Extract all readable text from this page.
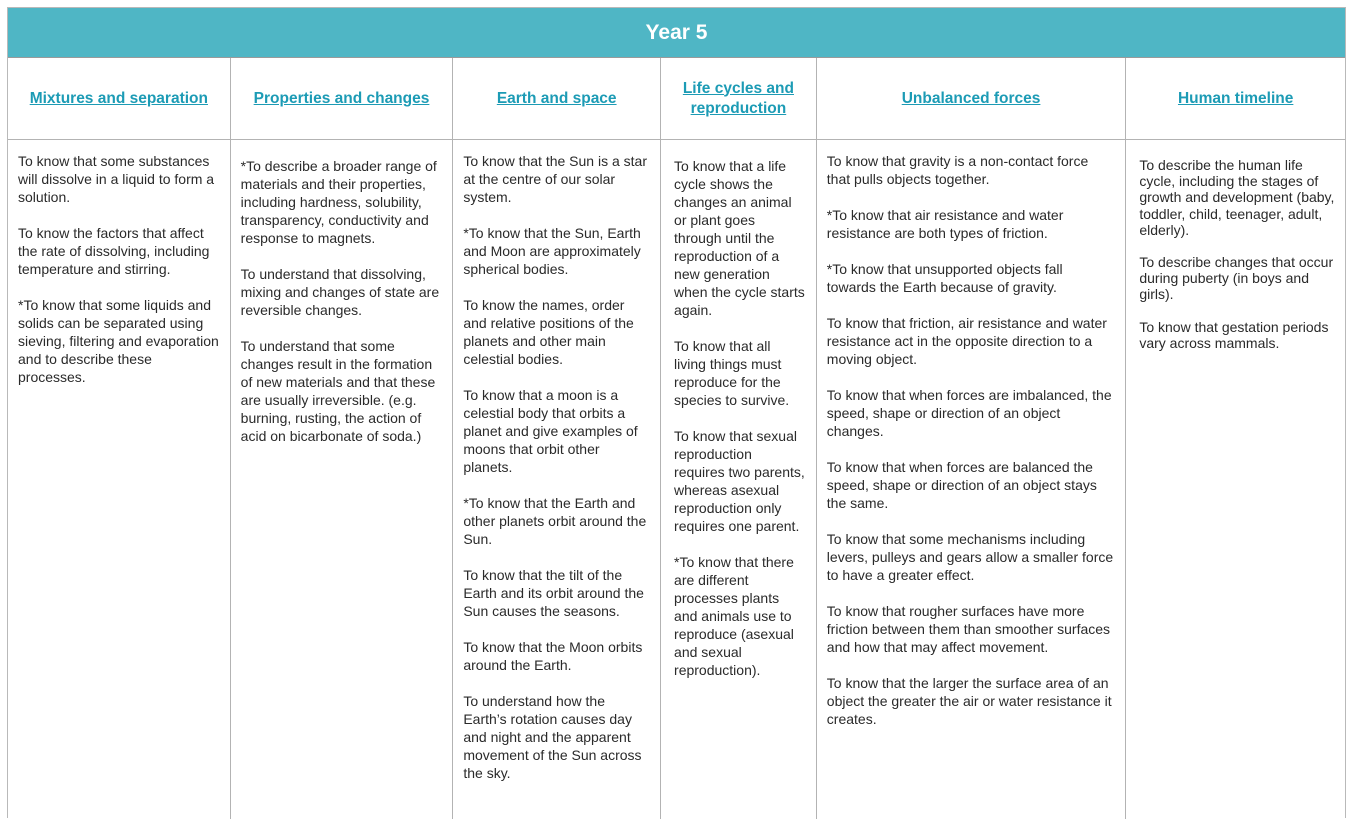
Year 5
Mixtures and separation

To know that some substances will dissolve in a liquid to form a solution.

To know the factors that affect the rate of dissolving, including temperature and stirring.

*To know that some liquids and solids can be separated using sieving, filtering and evaporation and to describe these processes.

Properties and changes

*To describe a broader range of materials and their properties, including hardness, solubility, transparency, conductivity and response to magnets.

To understand that dissolving, mixing and changes of state are reversible changes.

To understand that some changes result in the formation of new materials and that these are usually irreversible. (e.g. burning, rusting, the action of acid on bicarbonate of soda.)

Earth and space

To know that the Sun is a star at the centre of our solar system.

*To know that the Sun, Earth and Moon are approximately spherical bodies.

To know the names, order and relative positions of the planets and other main celestial bodies.

To know that a moon is a celestial body that orbits a planet and give examples of moons that orbit other planets.

*To know that the Earth and other planets orbit around the Sun.

To know that the tilt of the Earth and its orbit around the Sun causes the seasons.

To know that the Moon orbits around the Earth.

To understand how the Earth’s rotation causes day and night and the apparent movement of the Sun across the sky.

Life cycles and reproduction

To know that a life cycle shows the changes an animal or plant goes through until the reproduction of a new generation when the cycle starts again.

To know that all living things must reproduce for the species to survive.

To know that sexual reproduction requires two parents, whereas asexual reproduction only requires one parent.

*To know that there are different processes plants and animals use to reproduce (asexual and sexual reproduction).

Unbalanced forces

To know that gravity is a non-contact force that pulls objects together.

*To know that air resistance and water resistance are both types of friction.

*To know that unsupported objects fall towards the Earth because of gravity.

To know that friction, air resistance and water resistance act in the opposite direction to a moving object.

To know that when forces are imbalanced, the speed, shape or direction of an object changes.

To know that when forces are balanced the speed, shape or direction of an object stays the same.

To know that some mechanisms including levers, pulleys and gears allow a smaller force to have a greater effect.

To know that rougher surfaces have more friction between them than smoother surfaces and how that may affect movement.

To know that the larger the surface area of an object the greater the air or water resistance it creates.

Human timeline

To describe the human life cycle, including the stages of growth and development (baby, toddler, child, teenager, adult, elderly).

To describe changes that occur during puberty (in boys and girls).

To know that gestation periods vary across mammals.
